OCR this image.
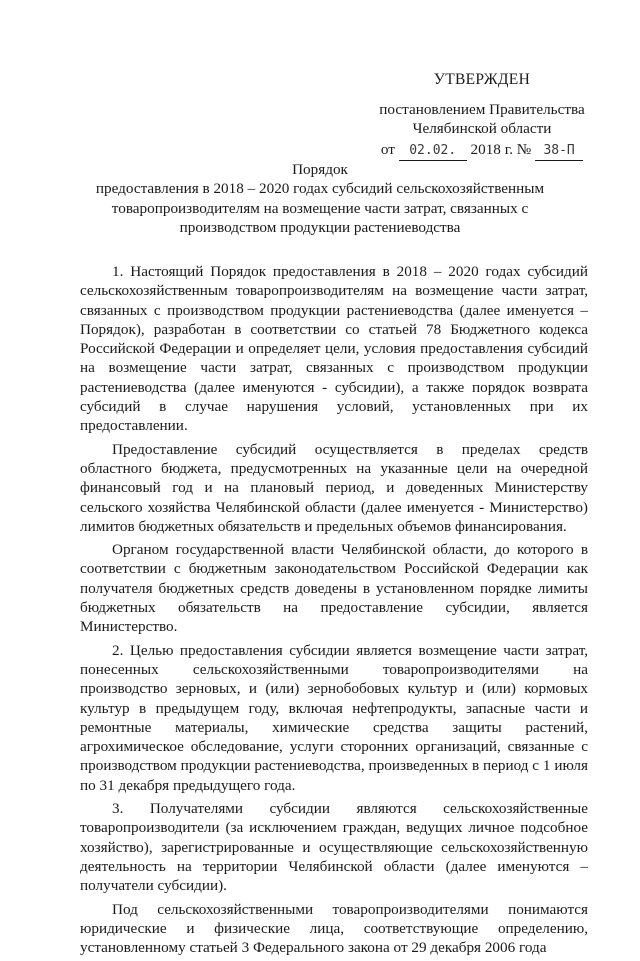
УТВЕРЖДЕН
постановлением Правительства
Челябинской области
от 02.02. 2018 г. № 38-П

Порядок

предоставления в 2018 – 2020 годах субсидий сельскохозяйственным товаропроизводителям на возмещение части затрат, связанных с производством продукции растениеводства

1. Настоящий Порядок предоставления в 2018 – 2020 годах субсидий сельскохозяйственным товаропроизводителям на возмещение части затрат, связанных с производством продукции растениеводства (далее именуется – Порядок), разработан в соответствии со статьей 78 Бюджетного кодекса Российской Федерации и определяет цели, условия предоставления субсидий на возмещение части затрат, связанных с производством продукции растениеводства (далее именуются - субсидии), а также порядок возврата субсидий в случае нарушения условий, установленных при их предоставлении.

Предоставление субсидий осуществляется в пределах средств областного бюджета, предусмотренных на указанные цели на очередной финансовый год и на плановый период, и доведенных Министерству сельского хозяйства Челябинской области (далее именуется - Министерство) лимитов бюджетных обязательств и предельных объемов финансирования.

Органом государственной власти Челябинской области, до которого в соответствии с бюджетным законодательством Российской Федерации как получателя бюджетных средств доведены в установленном порядке лимиты бюджетных обязательств на предоставление субсидии, является Министерство.

2. Целью предоставления субсидии является возмещение части затрат, понесенных сельскохозяйственными товаропроизводителями на производство зерновых, и (или) зернобобовых культур и (или) кормовых культур в предыдущем году, включая нефтепродукты, запасные части и ремонтные материалы, химические средства защиты растений, агрохимическое обследование, услуги сторонних организаций, связанные с производством продукции растениеводства, произведенных в период с 1 июля по 31 декабря предыдущего года.

3. Получателями субсидии являются сельскохозяйственные товаропроизводители (за исключением граждан, ведущих личное подсобное хозяйство), зарегистрированные и осуществляющие сельскохозяйственную деятельность на территории Челябинской области (далее именуются – получатели субсидии).

Под сельскохозяйственными товаропроизводителями понимаются юридические и физические лица, соответствующие определению, установленному статьей 3 Федерального закона от 29 декабря 2006 года
